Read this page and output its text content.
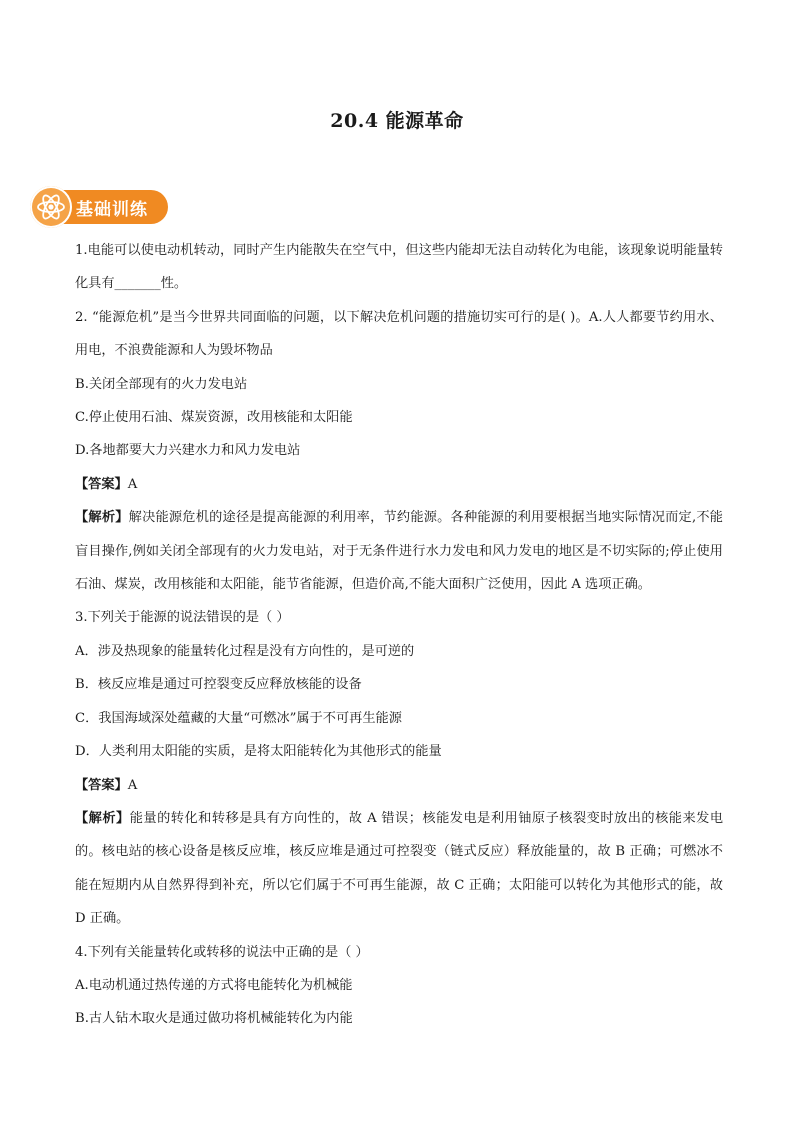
20.4 能源革命
基础训练

1.电能可以使电动机转动，同时产生内能散失在空气中，但这些内能却无法自动转化为电能，该现象说明能量转化具有_______性。

2. “能源危机”是当今世界共同面临的问题，以下解决危机问题的措施切实可行的是( )。A.人人都要节约用水、用电，不浪费能源和人为毁坏物品

B.关闭全部现有的火力发电站

C.停止使用石油、煤炭资源，改用核能和太阳能

D.各地都要大力兴建水力和风力发电站

【答案】A

【解析】解决能源危机的途径是提高能源的利用率，节约能源。各种能源的利用要根据当地实际情况而定,不能盲目操作,例如关闭全部现有的火力发电站，对于无条件进行水力发电和风力发电的地区是不切实际的;停止使用石油、煤炭，改用核能和太阳能，能节省能源，但造价高,不能大面积广泛使用，因此 A 选项正确。

3.下列关于能源的说法错误的是（ ）

A．涉及热现象的能量转化过程是没有方向性的，是可逆的

B．核反应堆是通过可控裂变反应释放核能的设备

C．我国海域深处蕴藏的大量“可燃冰”属于不可再生能源

D．人类利用太阳能的实质，是将太阳能转化为其他形式的能量

【答案】A

【解析】能量的转化和转移是具有方向性的，故 A 错误；核能发电是利用铀原子核裂变时放出的核能来发电的。核电站的核心设备是核反应堆，核反应堆是通过可控裂变（链式反应）释放能量的，故 B 正确；可燃冰不能在短期内从自然界得到补充，所以它们属于不可再生能源，故 C 正确；太阳能可以转化为其他形式的能，故 D 正确。

4.下列有关能量转化或转移的说法中正确的是（ ）

A.电动机通过热传递的方式将电能转化为机械能

B.古人钻木取火是通过做功将机械能转化为内能
